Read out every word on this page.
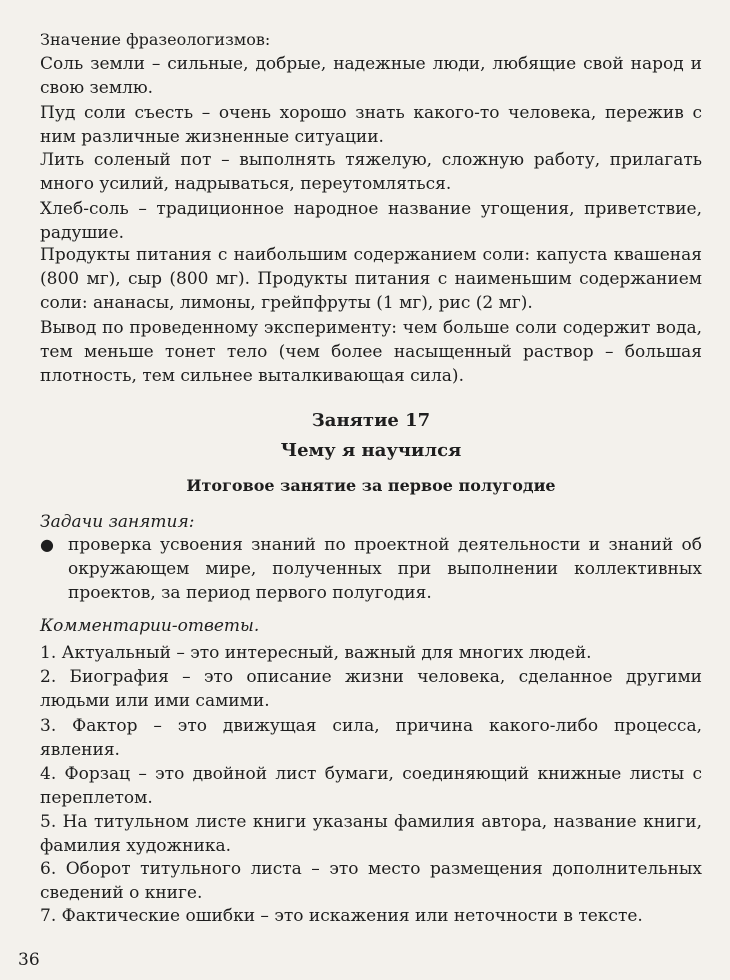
Значение фразеологизмов:

Соль земли – сильные, добрые, надежные люди, любящие свой народ и свою землю.

Пуд соли съесть – очень хорошо знать какого-то человека, пережив с ним различные жизненные ситуации.

Лить соленый пот – выполнять тяжелую, сложную работу, прилагать много усилий, надрываться, переутомляться.

Хлеб-соль – традиционное народное название угощения, приветствие, радушие.

Продукты питания с наибольшим содержанием соли: капуста квашеная (800 мг), сыр (800 мг). Продукты питания с наименьшим содержанием соли: ананасы, лимоны, грейпфруты (1 мг), рис (2 мг).

Вывод по проведенному эксперименту: чем больше соли содержит вода, тем меньше тонет тело (чем более насыщенный раствор – большая плотность, тем сильнее выталкивающая сила).

Занятие 17

Чему я научился

Итоговое занятие за первое полугодие

Задачи занятия:

● проверка усвоения знаний по проектной деятельности и знаний об окружающем мире, полученных при выполнении коллективных проектов, за период первого полугодия.

Комментарии-ответы.

1. Актуальный – это интересный, важный для многих людей.

2. Биография – это описание жизни человека, сделанное другими людьми или ими самими.

3. Фактор – это движущая сила, причина какого-либо процесса, явления.

4. Форзац – это двойной лист бумаги, соединяющий книжные листы с переплетом.

5. На титульном листе книги указаны фамилия автора, название книги, фамилия художника.

6. Оборот титульного листа – это место размещения дополнительных сведений о книге.

7. Фактические ошибки – это искажения или неточности в тексте.

36
